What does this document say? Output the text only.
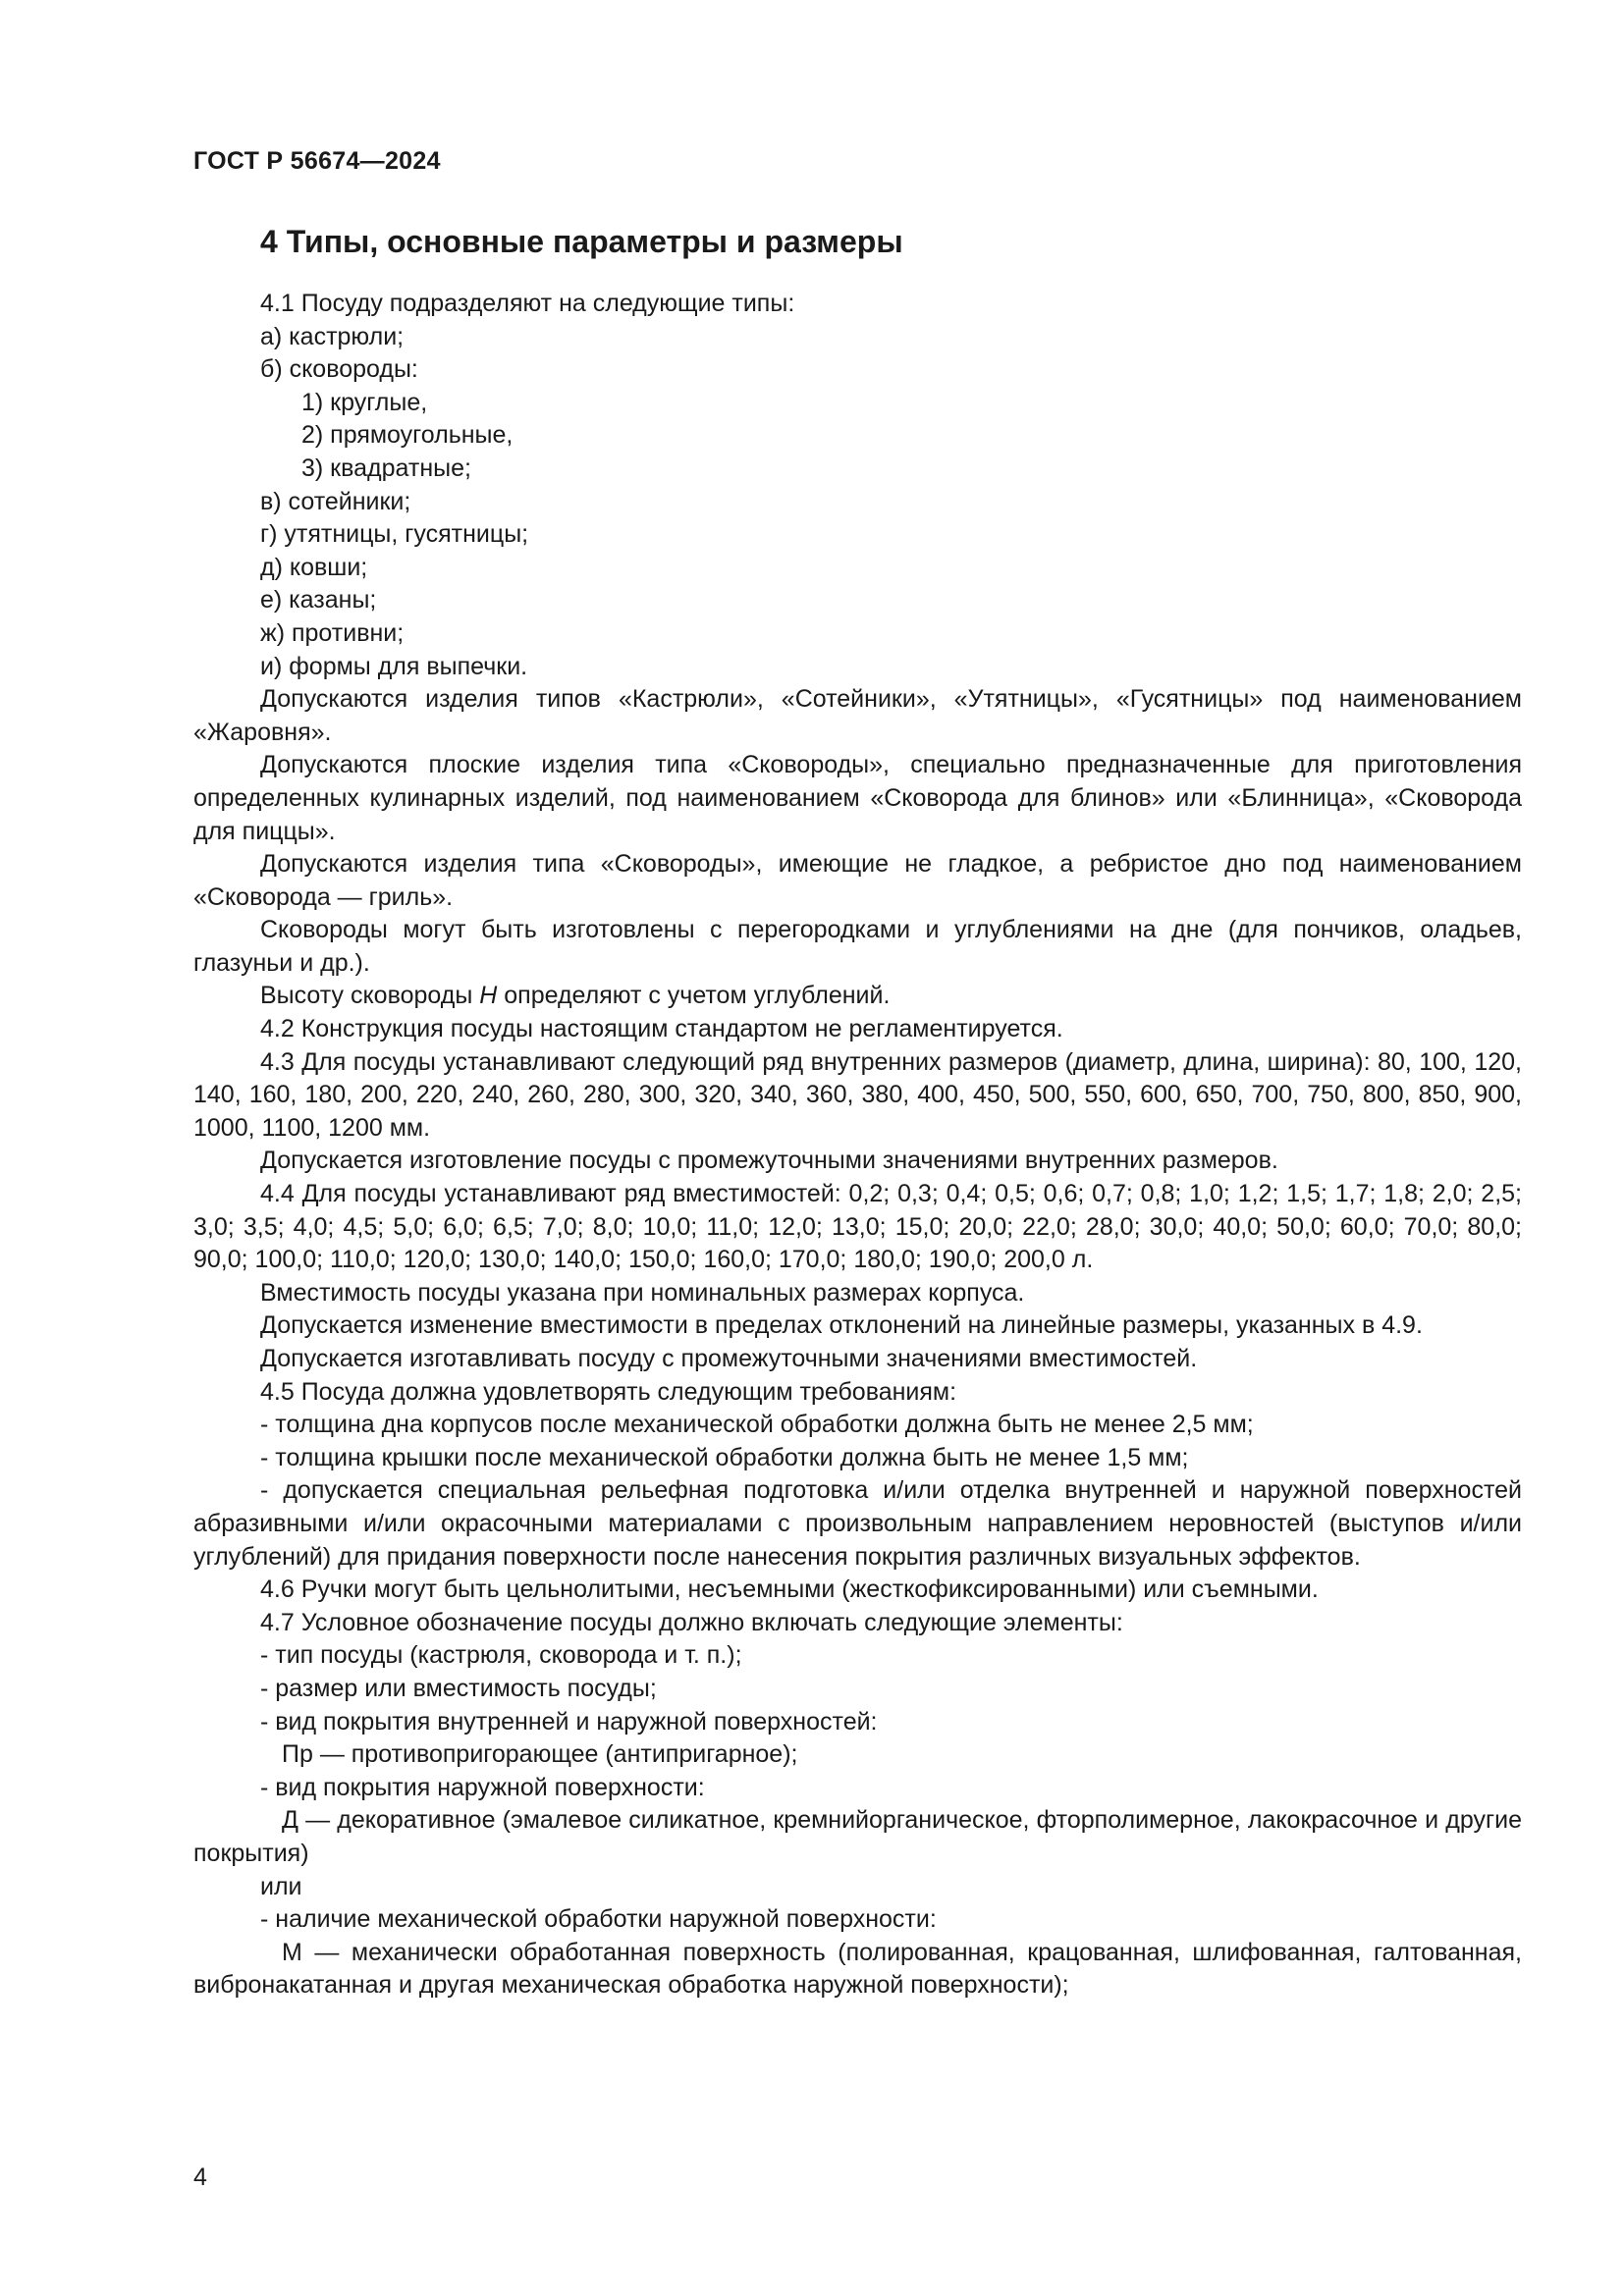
ГОСТ Р 56674—2024
4 Типы, основные параметры и размеры
4.1 Посуду подразделяют на следующие типы:
а) кастрюли;
б) сковороды:
1) круглые,
2) прямоугольные,
3) квадратные;
в) сотейники;
г) утятницы, гусятницы;
д) ковши;
е) казаны;
ж) противни;
и) формы для выпечки.
Допускаются изделия типов «Кастрюли», «Сотейники», «Утятницы», «Гусятницы» под наименованием «Жаровня».
Допускаются плоские изделия типа «Сковороды», специально предназначенные для приготовления определенных кулинарных изделий, под наименованием «Сковорода для блинов» или «Блинница», «Сковорода для пиццы».
Допускаются изделия типа «Сковороды», имеющие не гладкое, а ребристое дно под наименованием «Сковорода — гриль».
Сковороды могут быть изготовлены с перегородками и углублениями на дне (для пончиков, оладьев, глазуньи и др.).
Высоту сковороды H определяют с учетом углублений.
4.2 Конструкция посуды настоящим стандартом не регламентируется.
4.3 Для посуды устанавливают следующий ряд внутренних размеров (диаметр, длина, ширина): 80, 100, 120, 140, 160, 180, 200, 220, 240, 260, 280, 300, 320, 340, 360, 380, 400, 450, 500, 550, 600, 650, 700, 750, 800, 850, 900, 1000, 1100, 1200 мм.
Допускается изготовление посуды с промежуточными значениями внутренних размеров.
4.4 Для посуды устанавливают ряд вместимостей: 0,2; 0,3; 0,4; 0,5; 0,6; 0,7; 0,8; 1,0; 1,2; 1,5; 1,7; 1,8; 2,0; 2,5; 3,0; 3,5; 4,0; 4,5; 5,0; 6,0; 6,5; 7,0; 8,0; 10,0; 11,0; 12,0; 13,0; 15,0; 20,0; 22,0; 28,0; 30,0; 40,0; 50,0; 60,0; 70,0; 80,0; 90,0; 100,0; 110,0; 120,0; 130,0; 140,0; 150,0; 160,0; 170,0; 180,0; 190,0; 200,0 л.
Вместимость посуды указана при номинальных размерах корпуса.
Допускается изменение вместимости в пределах отклонений на линейные размеры, указанных в 4.9.
Допускается изготавливать посуду с промежуточными значениями вместимостей.
4.5 Посуда должна удовлетворять следующим требованиям:
- толщина дна корпусов после механической обработки должна быть не менее 2,5 мм;
- толщина крышки после механической обработки должна быть не менее 1,5 мм;
- допускается специальная рельефная подготовка и/или отделка внутренней и наружной поверхностей абразивными и/или окрасочными материалами с произвольным направлением неровностей (выступов и/или углублений) для придания поверхности после нанесения покрытия различных визуальных эффектов.
4.6 Ручки могут быть цельнолитыми, несъемными (жесткофиксированными) или съемными.
4.7 Условное обозначение посуды должно включать следующие элементы:
- тип посуды (кастрюля, сковорода и т. п.);
- размер или вместимость посуды;
- вид покрытия внутренней и наружной поверхностей:
Пр — противопригорающее (антипригарное);
- вид покрытия наружной поверхности:
Д — декоративное (эмалевое силикатное, кремнийорганическое, фторполимерное, лакокрасочное и другие покрытия)
или
- наличие механической обработки наружной поверхности:
М — механически обработанная поверхность (полированная, крацованная, шлифованная, галтованная, вибронакатанная и другая механическая обработка наружной поверхности);
4
